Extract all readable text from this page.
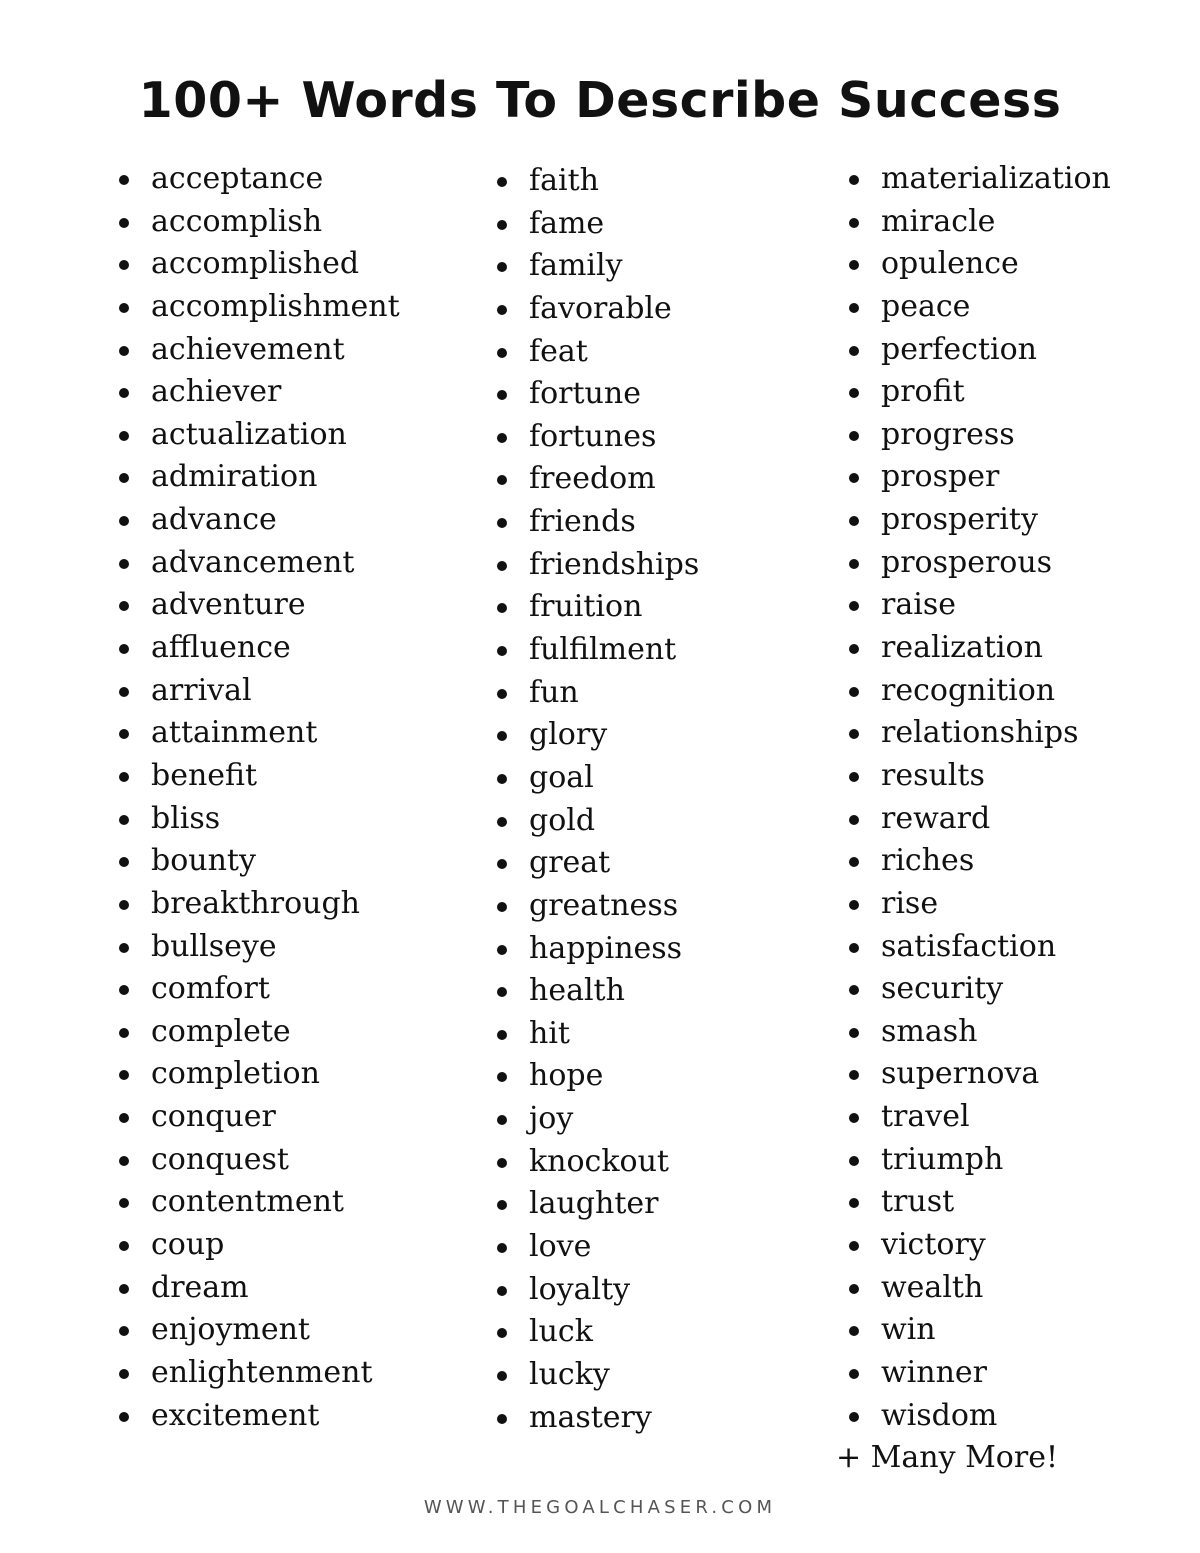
100+ Words To Describe Success
acceptance
accomplish
accomplished
accomplishment
achievement
achiever
actualization
admiration
advance
advancement
adventure
affluence
arrival
attainment
benefit
bliss
bounty
breakthrough
bullseye
comfort
complete
completion
conquer
conquest
contentment
coup
dream
enjoyment
enlightenment
excitement
faith
fame
family
favorable
feat
fortune
fortunes
freedom
friends
friendships
fruition
fulfilment
fun
glory
goal
gold
great
greatness
happiness
health
hit
hope
joy
knockout
laughter
love
loyalty
luck
lucky
mastery
materialization
miracle
opulence
peace
perfection
profit
progress
prosper
prosperity
prosperous
raise
realization
recognition
relationships
results
reward
riches
rise
satisfaction
security
smash
supernova
travel
triumph
trust
victory
wealth
win
winner
wisdom
+ Many More!
WWW.THEGOALCHASER.COM
